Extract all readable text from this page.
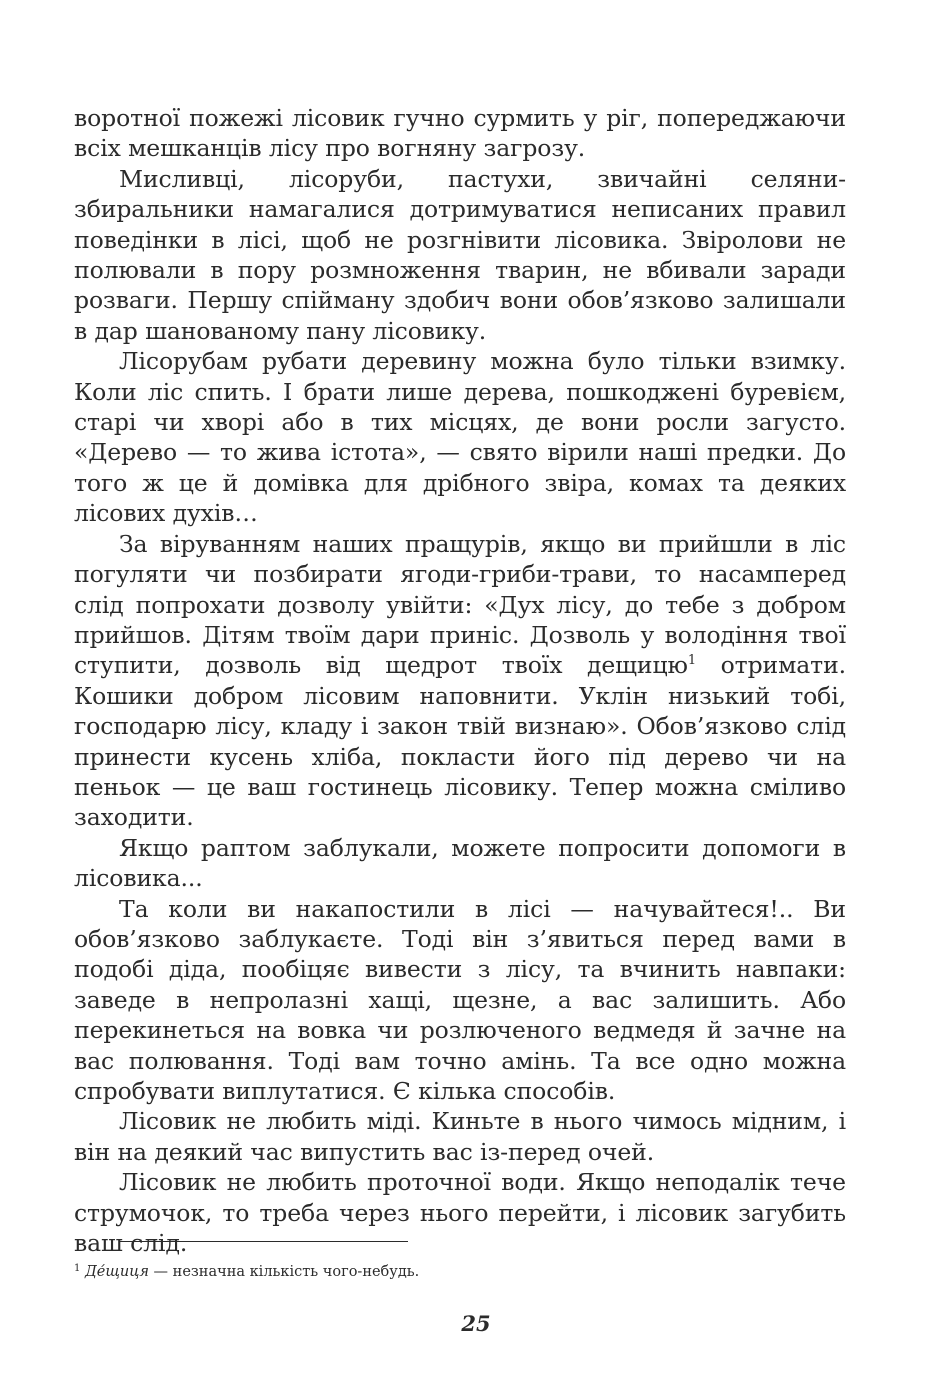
воротної пожежі лісовик гучно сурмить у ріг, попереджаючи всіх мешканців лісу про вогняну загрозу.

Мисливці, лісоруби, пастухи, звичайні селяни-збиральники намагалися дотримуватися неписаних правил поведінки в лісі, щоб не розгнівити лісовика. Звіролови не полювали в пору розмноження тварин, не вбивали заради розваги. Першу спійману здобич вони обов’язково залишали в дар шанованому пану лісовику.

Лісорубам рубати деревину можна було тільки взимку. Коли ліс спить. І брати лише дерева, пошкоджені буревієм, старі чи хворі або в тих місцях, де вони росли загусто. «Дерево — то жива істота», — свято вірили наші предки. До того ж це й домівка для дрібного звіра, комах та деяких лісових духів…

За віруванням наших пращурів, якщо ви прийшли в ліс погуляти чи позбирати ягоди-гриби-трави, то насамперед слід попрохати дозволу увійти: «Дух лісу, до тебе з добром прийшов. Дітям твоїм дари приніс. Дозволь у володіння твої ступити, дозволь від щедрот твоїх дещицю$^1$ отримати. Кошики добром лісовим наповнити. Уклін низький тобі, господарю лісу, кладу і закон твій визнаю». Обов’язково слід принести кусень хліба, покласти його під дерево чи на пеньок — це ваш гостинець лісовику. Тепер можна сміливо заходити.

Якщо раптом заблукали, можете попросити допомоги в лісовика...

Та коли ви накапостили в лісі — начувайтеся!.. Ви обов’язково заблукаєте. Тоді він з’явиться перед вами в подобі діда, пообіцяє вивести з лісу, та вчинить навпаки: заведе в непролазні хащі, щезне, а вас залишить. Або перекинеться на вовка чи розлюченого ведмедя й зачне на вас полювання. Тоді вам точно амінь. Та все одно можна спробувати виплутатися. Є кілька способів.

Лісовик не любить міді. Киньте в нього чимось мідним, і він на деякий час випустить вас із-перед очей.

Лісовик не любить проточної води. Якщо неподалік тече струмочок, то треба через нього перейти, і лісовик загубить ваш слід.

$^1$ Де́щиця — незначна кількість чого-небудь.

25
